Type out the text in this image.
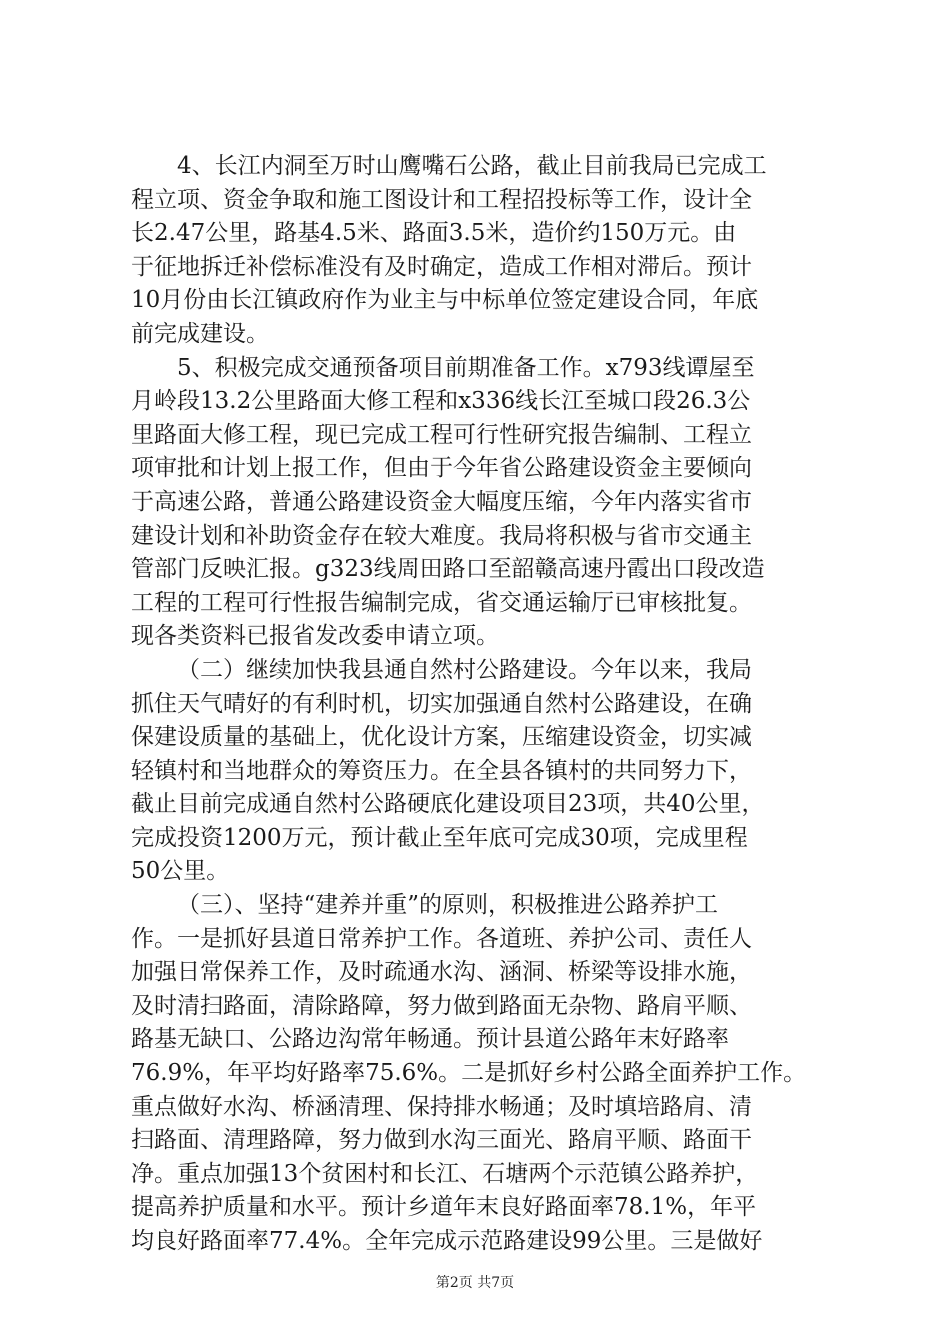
4、长江内洞至万时山鹰嘴石公路，截止目前我局已完成工
程立项、资金争取和施工图设计和工程招投标等工作，设计全
长2.47公里，路基4.5米、路面3.5米，造价约150万元。由
于征地拆迁补偿标准没有及时确定，造成工作相对滞后。预计
10月份由长江镇政府作为业主与中标单位签定建设合同，年底
前完成建设。
5、积极完成交通预备项目前期准备工作。x793线谭屋至
月岭段13.2公里路面大修工程和x336线长江至城口段26.3公
里路面大修工程，现已完成工程可行性研究报告编制、工程立
项审批和计划上报工作，但由于今年省公路建设资金主要倾向
于高速公路，普通公路建设资金大幅度压缩，今年内落实省市
建设计划和补助资金存在较大难度。我局将积极与省市交通主
管部门反映汇报。g323线周田路口至韶赣高速丹霞出口段改造
工程的工程可行性报告编制完成，省交通运输厅已审核批复。
现各类资料已报省发改委申请立项。
（二）继续加快我县通自然村公路建设。今年以来，我局
抓住天气晴好的有利时机，切实加强通自然村公路建设，在确
保建设质量的基础上，优化设计方案，压缩建设资金，切实减
轻镇村和当地群众的筹资压力。在全县各镇村的共同努力下，
截止目前完成通自然村公路硬底化建设项目23项，共40公里，
完成投资1200万元，预计截止至年底可完成30项，完成里程
50公里。
（三）、坚持“建养并重”的原则，积极推进公路养护工
作。一是抓好县道日常养护工作。各道班、养护公司、责任人
加强日常保养工作，及时疏通水沟、涵洞、桥梁等设排水施，
及时清扫路面，清除路障，努力做到路面无杂物、路肩平顺、
路基无缺口、公路边沟常年畅通。预计县道公路年末好路率
76.9%，年平均好路率75.6%。二是抓好乡村公路全面养护工作。
重点做好水沟、桥涵清理、保持排水畅通；及时填培路肩、清
扫路面、清理路障，努力做到水沟三面光、路肩平顺、路面干
净。重点加强13个贫困村和长江、石塘两个示范镇公路养护，
提高养护质量和水平。预计乡道年末良好路面率78.1%，年平
均良好路面率77.4%。全年完成示范路建设99公里。三是做好
第2页 共7页
